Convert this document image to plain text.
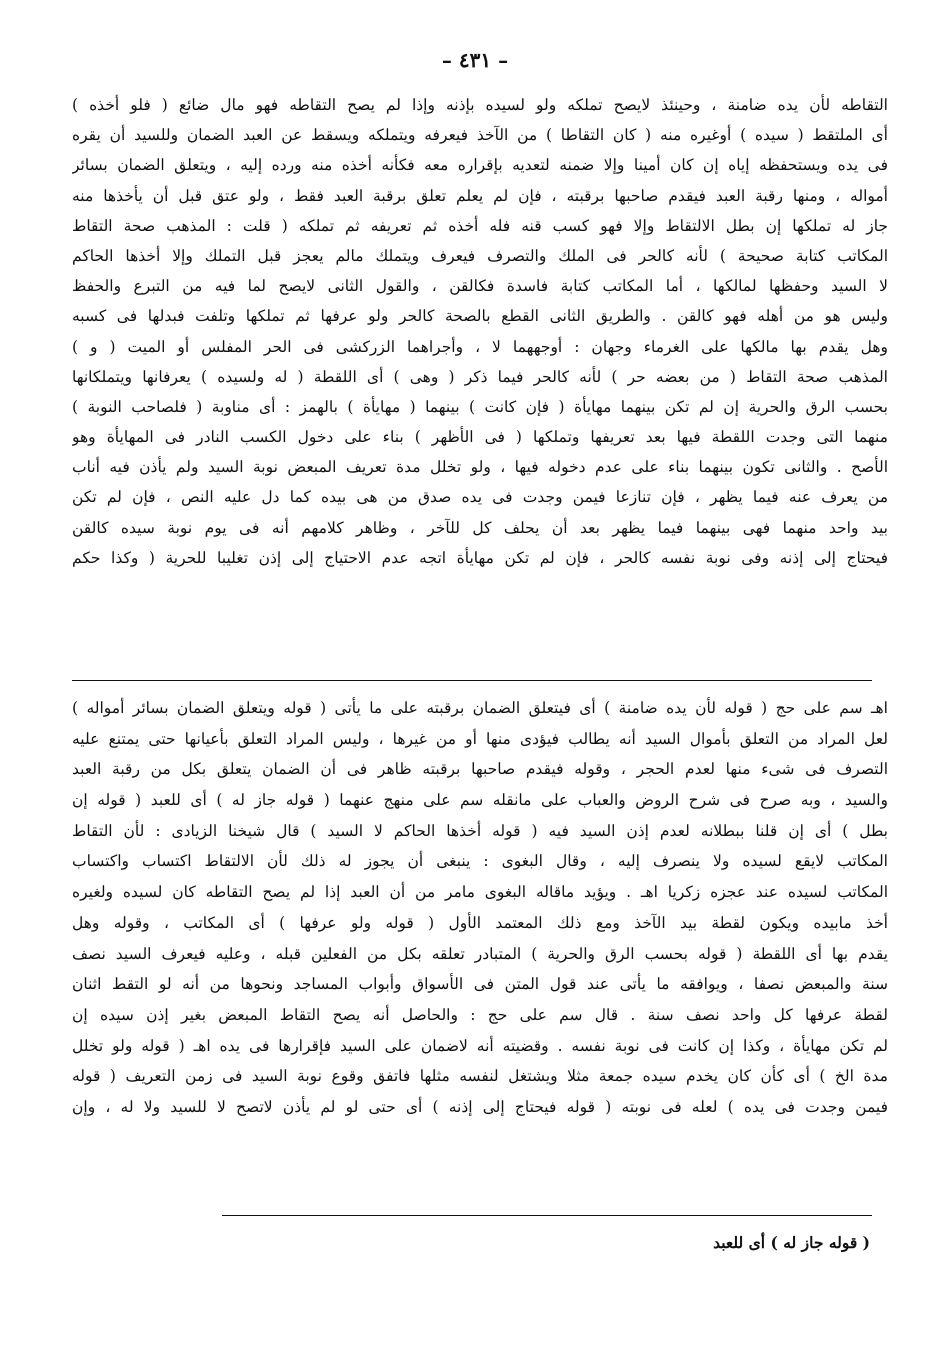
– ٤٣١ –
التقاطه لأن يده ضامنة ، وحينئذ لايصح تملكه ولو لسيده بإذنه وإذا لم يصح التقاطه فهو مال ضائع ( فلو أخذه )
أى الملتقط ( سيده ) أوغيره منه ( كان التقاطا ) من الآخذ فيعرفه ويتملكه ويسقط عن العبد الضمان وللسيد أن يقره
فى يده ويستحفظه إياه إن كان أمينا وإلا ضمنه لتعديه بإقراره معه فكأنه أخذه منه ورده إليه ، ويتعلق الضمان بسائر
أمواله ، ومنها رقبة العبد فيقدم صاحبها برقبته ، فإن لم يعلم تعلق برقبة العبد فقط ، ولو عتق قبل أن يأخذها منه
جاز له تملكها إن بطل الالتقاط وإلا فهو كسب قنه فله أخذه ثم تعريفه ثم تملكه ( قلت : المذهب صحة التقاط
المكاتب كتابة صحيحة ) لأنه كالحر فى الملك والتصرف فيعرف ويتملك مالم يعجز قبل التملك وإلا أخذها الحاكم
لا السيد وحفظها لمالكها ، أما المكاتب كتابة فاسدة فكالقن ، والقول الثانى لايصح لما فيه من التبرع والحفظ
وليس هو من أهله فهو كالقن . والطريق الثانى القطع بالصحة كالحر ولو عرفها ثم تملكها وتلفت فبدلها فى كسبه
وهل يقدم بها مالكها على الغرماء وجهان : أوجههما لا ، وأجراهما الزركشى فى الحر المفلس أو الميت ( و )
المذهب صحة التقاط ( من بعضه حر ) لأنه كالحر فيما ذكر ( وهى ) أى اللقطة ( له ولسيده ) يعرفانها ويتملكانها
بحسب الرق والحرية إن لم تكن بينهما مهايأة ( فإن كانت ) بينهما ( مهايأة ) بالهمز : أى مناوبة ( فلصاحب النوبة )
منهما التى وجدت اللقطة فيها بعد تعريفها وتملكها ( فى الأظهر ) بناء على دخول الكسب النادر فى المهايأة وهو
الأصح . والثانى تكون بينهما بناء على عدم دخوله فيها ، ولو تخلل مدة تعريف المبعض نوبة السيد ولم يأذن فيه أناب
من يعرف عنه فيما يظهر ، فإن تنازعا فيمن وجدت فى يده صدق من هى بيده كما دل عليه النص ، فإن لم تكن
بيد واحد منهما فهى بينهما فيما يظهر بعد أن يحلف كل للآخر ، وظاهر كلامهم أنه فى يوم نوبة سيده كالقن
فيحتاج إلى إذنه وفى نوبة نفسه كالحر ، فإن لم تكن مهايأة اتجه عدم الاحتياج إلى إذن تغليبا للحرية ( وكذا حكم
اهـ سم على حج ( قوله لأن يده ضامنة ) أى فيتعلق الضمان برقبته على ما يأتى ( قوله ويتعلق الضمان بسائر أمواله )
لعل المراد من التعلق بأموال السيد أنه يطالب فيؤدى منها أو من غيرها ، وليس المراد التعلق بأعيانها حتى يمتنع عليه
التصرف فى شىء منها لعدم الحجر ، وقوله فيقدم صاحبها برقبته ظاهر فى أن الضمان يتعلق بكل من رقبة العبد
والسيد ، وبه صرح فى شرح الروض والعباب على مانقله سم على منهج عنهما ( قوله جاز له ) أى للعبد ( قوله إن
بطل ) أى إن قلنا ببطلانه لعدم إذن السيد فيه ( قوله أخذها الحاكم لا السيد ) قال شيخنا الزيادى : لأن التقاط
المكاتب لايقع لسيده ولا ينصرف إليه ، وقال البغوى : ينبغى أن يجوز له ذلك لأن الالتقاط اكتساب واكتساب
المكاتب لسيده عند عجزه زكريا اهـ . ويؤيد ماقاله البغوى مامر من أن العبد إذا لم يصح التقاطه كان لسيده ولغيره
أخذ مابيده ويكون لقطة بيد الآخذ ومع ذلك المعتمد الأول ( قوله ولو عرفها ) أى المكاتب ، وقوله وهل
يقدم بها أى اللقطة ( قوله بحسب الرق والحرية ) المتبادر تعلقه بكل من الفعلين قبله ، وعليه فيعرف السيد نصف
سنة والمبعض نصفا ، ويوافقه ما يأتى عند قول المتن فى الأسواق وأبواب المساجد ونحوها من أنه لو التقط اثنان
لقطة عرفها كل واحد نصف سنة . قال سم على حج : والحاصل أنه يصح التقاط المبعض بغير إذن سيده إن
لم تكن مهايأة ، وكذا إن كانت فى نوبة نفسه . وقضيته أنه لاضمان على السيد فإقرارها فى يده اهـ ( قوله ولو تخلل
مدة الخ ) أى كأن كان يخدم سيده جمعة مثلا ويشتغل لنفسه مثلها فاتفق وقوع نوبة السيد فى زمن التعريف ( قوله
فيمن وجدت فى يده ) لعله فى نوبته ( قوله فيحتاج إلى إذنه ) أى حتى لو لم يأذن لاتصح لا للسيد ولا له ، وإن
( قوله جاز له ) أى للعبد
